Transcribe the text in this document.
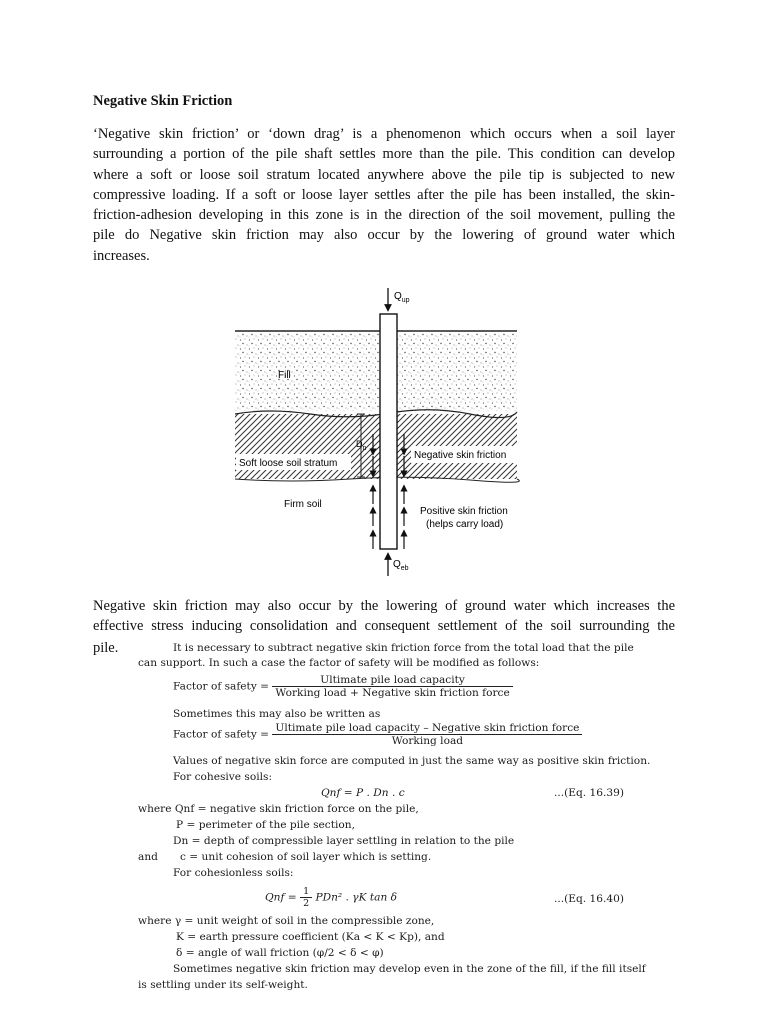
Negative Skin Friction
‘Negative skin friction’ or ‘down drag’ is a phenomenon which occurs when a soil layer
surrounding a portion of the pile shaft settles more than the pile. This condition can develop
where a soft or loose soil stratum located anywhere above the pile tip is subjected to new
compressive loading. If a soft or loose layer settles after the pile has been installed, the skin-
friction-adhesion developing in this zone is in the direction of the soil movement, pulling the
pile do Negative skin friction may also occur by the lowering of ground water which
increases.
$Q_{up}$
$Q_{eb}$
Fill
$D_n$
Soft loose soil stratum
Negative skin friction
Firm soil
Positive skin friction
(helps carry load)
Negative skin friction may also occur by the lowering of ground water which increases the
effective stress inducing consolidation and consequent settlement of the soil surrounding the
pile.	It is necessary to subtract negative skin friction force from the total load that the pile
can support. In such a case the factor of safety will be modified as follows:
Factor of safety = $\frac{\text{Ultimate pile load capacity}}{\text{Working load + Negative skin friction force}}$
Sometimes this may also be written as
Factor of safety = $\frac{\text{Ultimate pile load capacity – Negative skin friction force}}{\text{Working load}}$
Values of negative skin force are computed in just the same way as positive skin friction.
For cohesive soils:
Qnf = P . Dn . c	...(Eq. 16.39)
where Qnf = negative skin friction force on the pile,
P = perimeter of the pile section,
Dn = depth of compressible layer settling in relation to the pile
and c = unit cohesion of soil layer which is setting.
For cohesionless soils:
Qnf = $\frac{1}{2} PDn^2$ . γK tan δ	...(Eq. 16.40)
where γ = unit weight of soil in the compressible zone,
K = earth pressure coefficient (Ka < K < Kp), and
δ = angle of wall friction (φ/2 < δ < φ)
Sometimes negative skin friction may develop even in the zone of the fill, if the fill itself
is settling under its self-weight.
